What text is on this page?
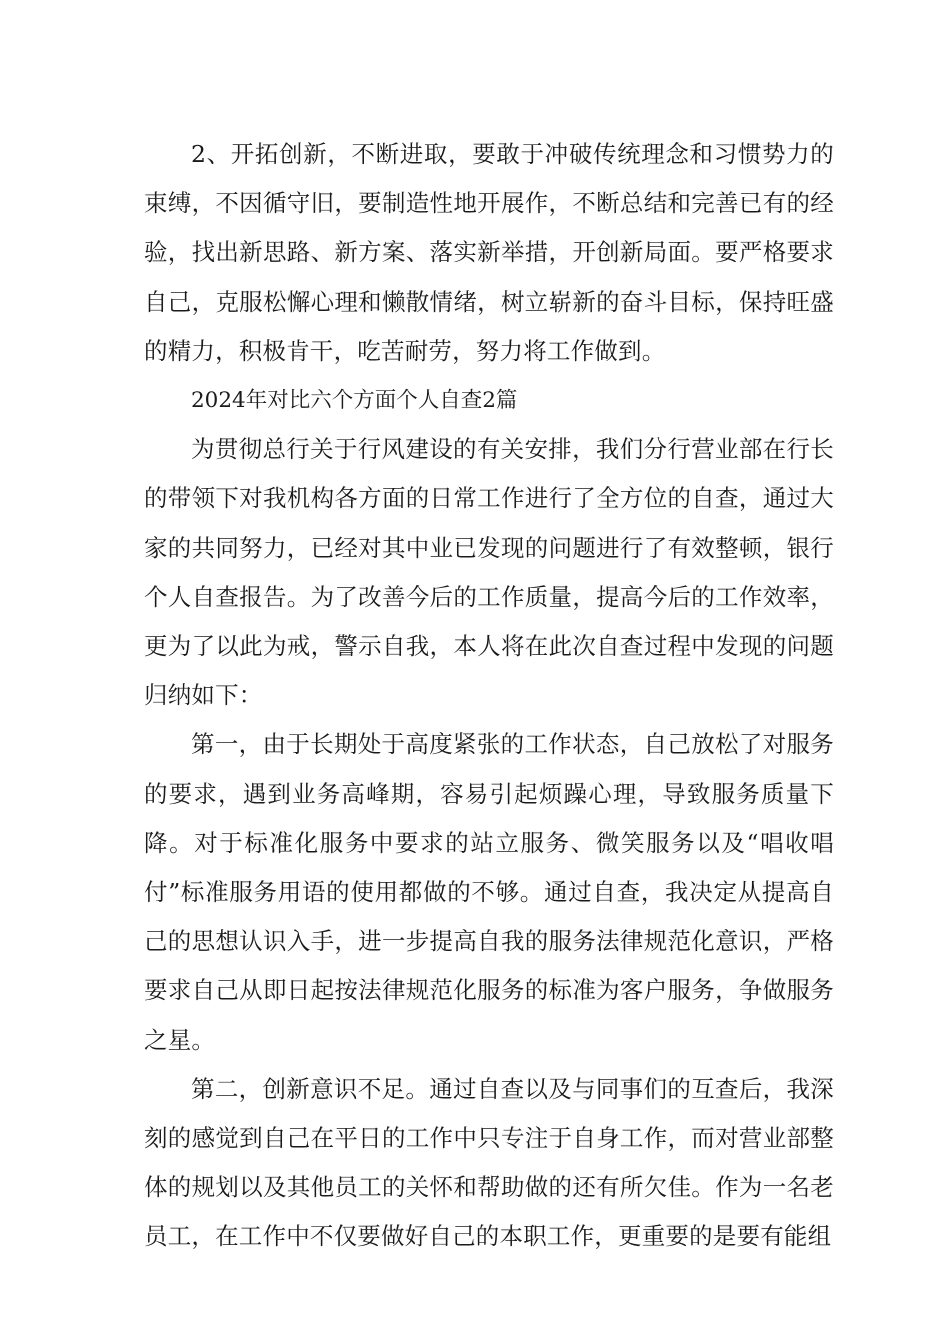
2、开拓创新，不断进取，要敢于冲破传统理念和习惯势力的束缚，不因循守旧，要制造性地开展作，不断总结和完善已有的经验，找出新思路、新方案、落实新举措，开创新局面。要严格要求自己，克服松懈心理和懒散情绪，树立崭新的奋斗目标，保持旺盛的精力，积极肯干，吃苦耐劳，努力将工作做到。

2024年对比六个方面个人自查2篇

为贯彻总行关于行风建设的有关安排，我们分行营业部在行长的带领下对我机构各方面的日常工作进行了全方位的自查，通过大家的共同努力，已经对其中业已发现的问题进行了有效整顿，银行个人自查报告。为了改善今后的工作质量，提高今后的工作效率，更为了以此为戒，警示自我，本人将在此次自查过程中发现的问题归纳如下：

第一，由于长期处于高度紧张的工作状态，自己放松了对服务的要求，遇到业务高峰期，容易引起烦躁心理，导致服务质量下降。对于标准化服务中要求的站立服务、微笑服务以及“唱收唱付”标准服务用语的使用都做的不够。通过自查，我决定从提高自己的思想认识入手，进一步提高自我的服务法律规范化意识，严格要求自己从即日起按法律规范化服务的标准为客户服务，争做服务之星。

第二，创新意识不足。通过自查以及与同事们的互查后，我深刻的感觉到自己在平日的工作中只专注于自身工作，而对营业部整体的规划以及其他员工的关怀和帮助做的还有所欠佳。作为一名老员工，在工作中不仅要做好自己的本职工作，更重要的是要有能组
